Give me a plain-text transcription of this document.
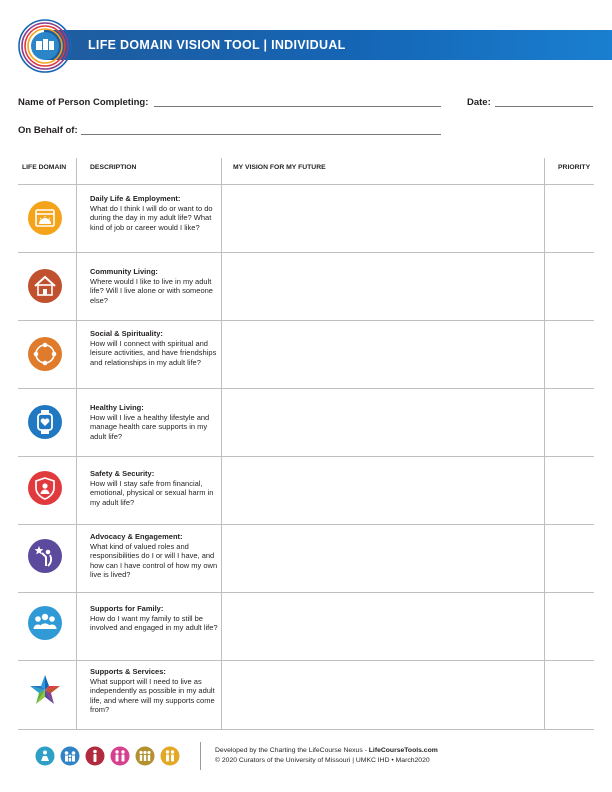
LIFE DOMAIN VISION TOOL | INDIVIDUAL
Name of Person Completing:	Date:
On Behalf of:
LIFE DOMAIN	DESCRIPTION	MY VISION FOR MY FUTURE	PRIORITY
Daily Life & Employment:
What do I think I will do or want to do during the day in my adult life? What kind of job or career would I like?
Community Living:
Where would I like to live in my adult life? Will I live alone or with someone else?
Social & Spirituality:
How will I connect with spiritual and leisure activities, and have friendships and relationships in my adult life?
Healthy Living:
How will I live a healthy lifestyle and manage health care supports in my adult life?
Safety & Security:
How will I stay safe from financial, emotional, physical or sexual harm in my adult life?
Advocacy & Engagement:
What kind of valued roles and responsibilities do I or will I have, and how can I have control of how my own live is lived?
Supports for Family:
How do I want my family to still be involved and engaged in my adult life?
Supports & Services:
What support will I need to live as independently as possible in my adult life, and where will my supports come from?
Developed by the Charting the LifeCourse Nexus - LifeCourseTools.com
© 2020 Curators of the University of Missouri | UMKC IHD • March2020
